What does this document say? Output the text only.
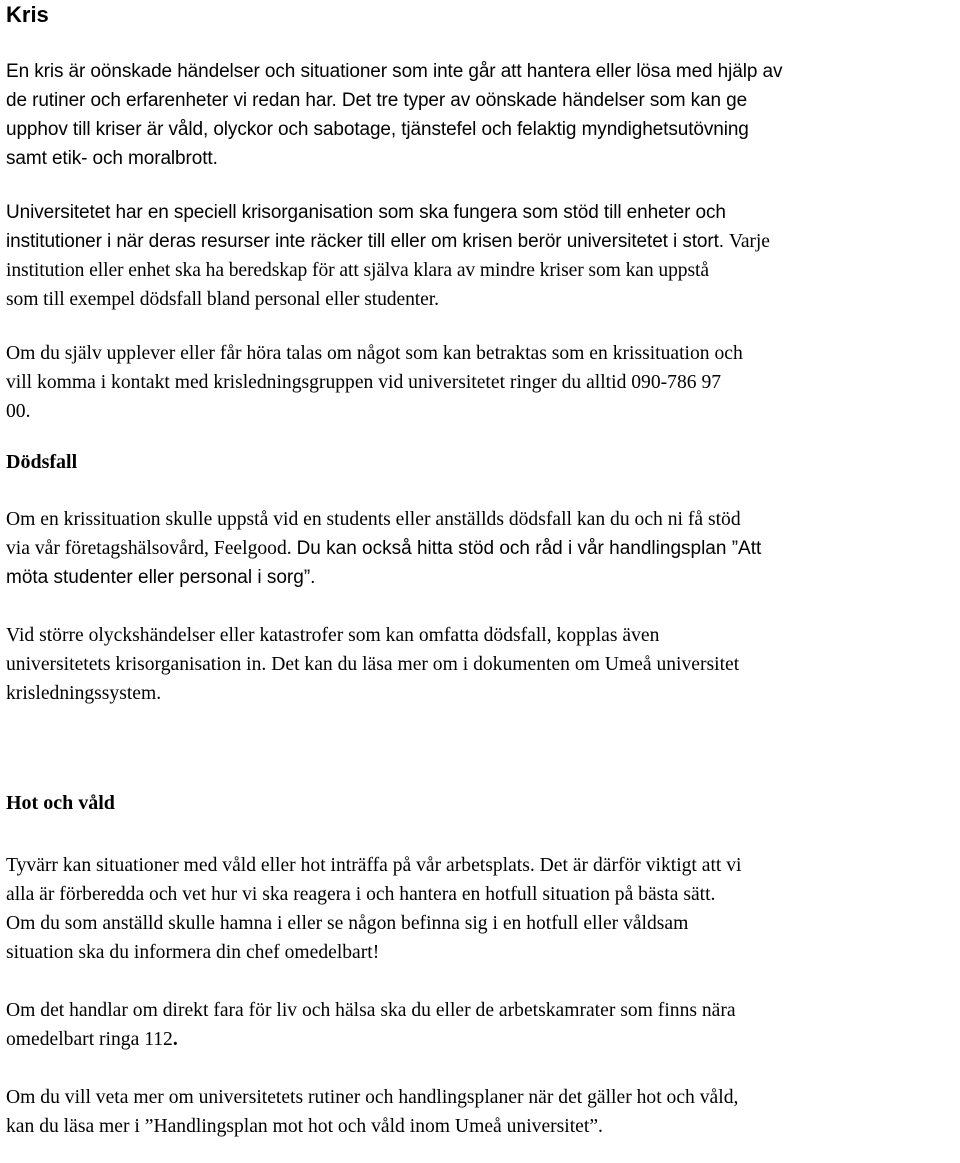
Kris

En kris är oönskade händelser och situationer som inte går att hantera eller lösa med hjälp av
de rutiner och erfarenheter vi redan har. Det tre typer av oönskade händelser som kan ge
upphov till kriser är våld, olyckor och sabotage, tjänstefel och felaktig myndighetsutövning
samt etik- och moralbrott.

Universitetet har en speciell krisorganisation som ska fungera som stöd till enheter och
institutioner i när deras resurser inte räcker till eller om krisen berör universitetet i stort. Varje
institution eller enhet ska ha beredskap för att själva klara av mindre kriser som kan uppstå
som till exempel dödsfall bland personal eller studenter.

Om du själv upplever eller får höra talas om något som kan betraktas som en krissituation och
vill komma i kontakt med krisledningsgruppen vid universitetet ringer du alltid 090-786 97
00.

Dödsfall

Om en krissituation skulle uppstå vid en students eller anställds dödsfall kan du och ni få stöd
via vår företagshälsovård, Feelgood. Du kan också hitta stöd och råd i vår handlingsplan ”Att
möta studenter eller personal i sorg”.

Vid större olyckshändelser eller katastrofer som kan omfatta dödsfall, kopplas även
universitetets krisorganisation in. Det kan du läsa mer om i dokumenten om Umeå universitet
krisledningssystem.

Hot och våld

Tyvärr kan situationer med våld eller hot inträffa på vår arbetsplats. Det är därför viktigt att vi
alla är förberedda och vet hur vi ska reagera i och hantera en hotfull situation på bästa sätt.
Om du som anställd skulle hamna i eller se någon befinna sig i en hotfull eller våldsam
situation ska du informera din chef omedelbart!

Om det handlar om direkt fara för liv och hälsa ska du eller de arbetskamrater som finns nära
omedelbart ringa 112.

Om du vill veta mer om universitetets rutiner och handlingsplaner när det gäller hot och våld,
kan du läsa mer i ”Handlingsplan mot hot och våld inom Umeå universitet”.
